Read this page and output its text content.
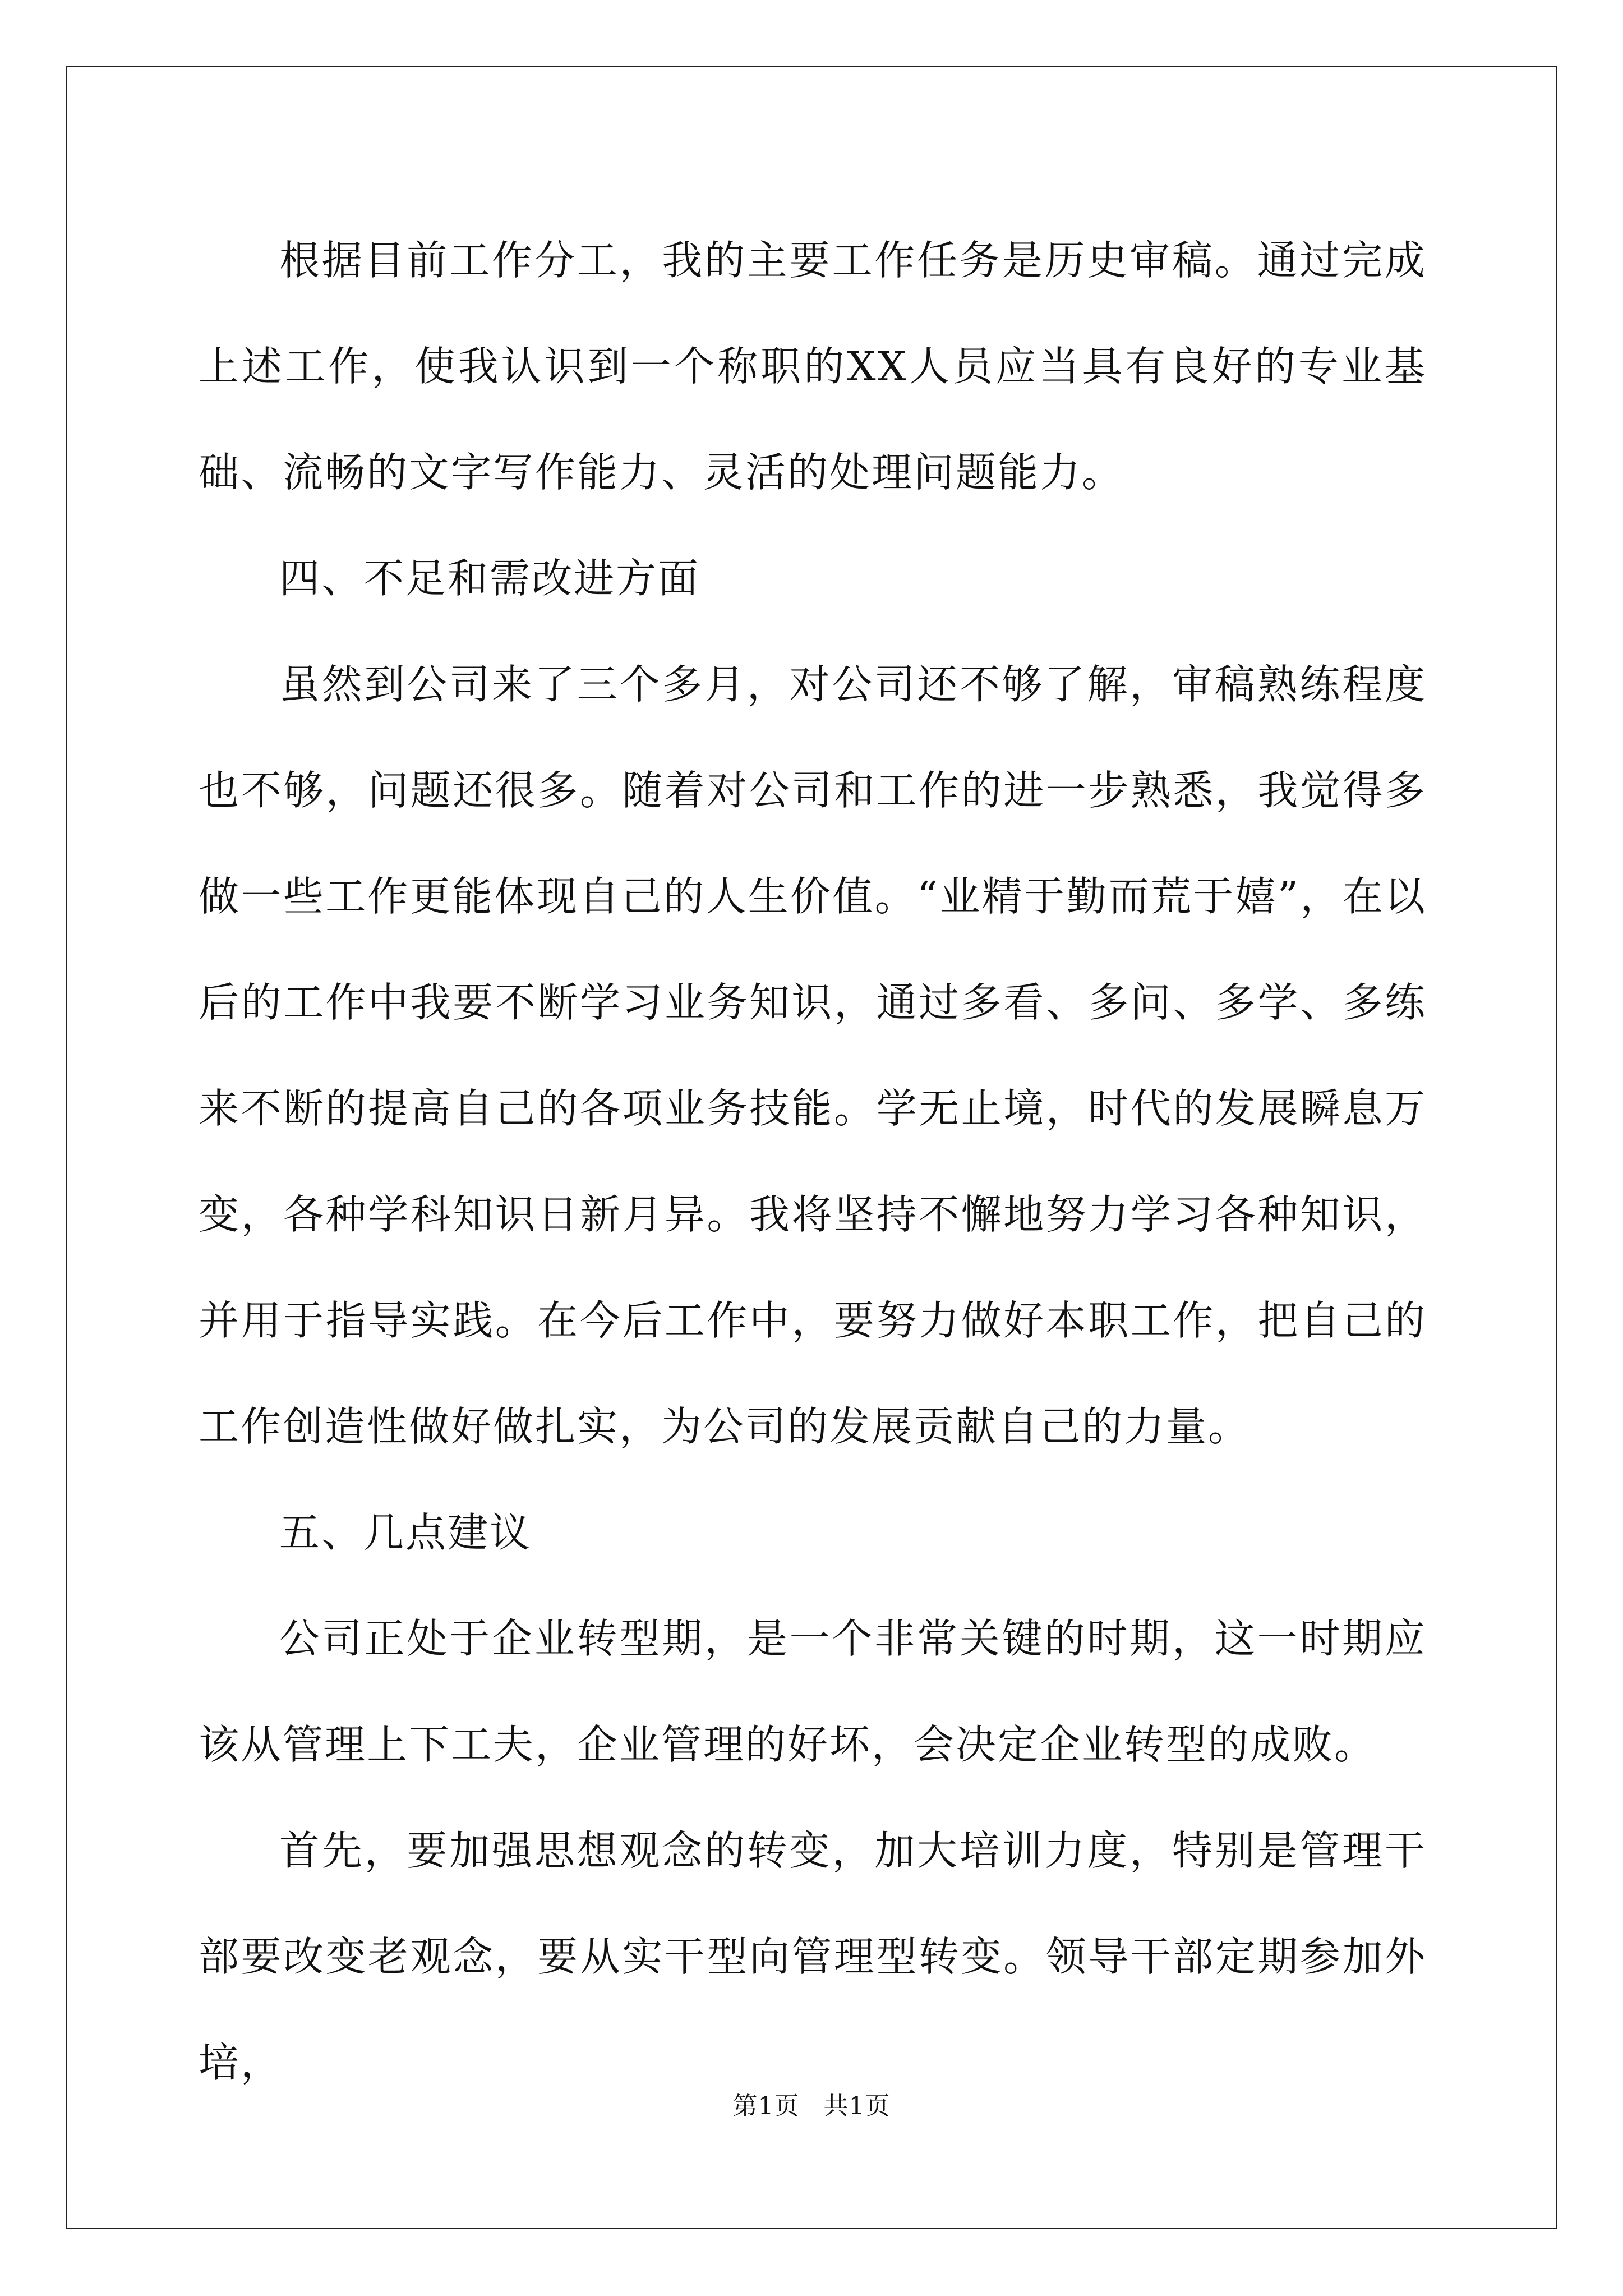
根据目前工作分工，我的主要工作任务是历史审稿。通过完成上述工作，使我认识到一个称职的XX人员应当具有良好的专业基础、流畅的文字写作能力、灵活的处理问题能力。

四、不足和需改进方面

虽然到公司来了三个多月，对公司还不够了解，审稿熟练程度也不够，问题还很多。随着对公司和工作的进一步熟悉，我觉得多做一些工作更能体现自己的人生价值。“业精于勤而荒于嬉”，在以后的工作中我要不断学习业务知识，通过多看、多问、多学、多练来不断的提高自己的各项业务技能。学无止境，时代的发展瞬息万变，各种学科知识日新月异。我将坚持不懈地努力学习各种知识，并用于指导实践。在今后工作中，要努力做好本职工作，把自己的工作创造性做好做扎实，为公司的发展贡献自己的力量。

五、几点建议

公司正处于企业转型期，是一个非常关键的时期，这一时期应该从管理上下工夫，企业管理的好坏，会决定企业转型的成败。

首先，要加强思想观念的转变，加大培训力度，特别是管理干部要改变老观念，要从实干型向管理型转变。领导干部定期参加外培，

第1页 共1页
